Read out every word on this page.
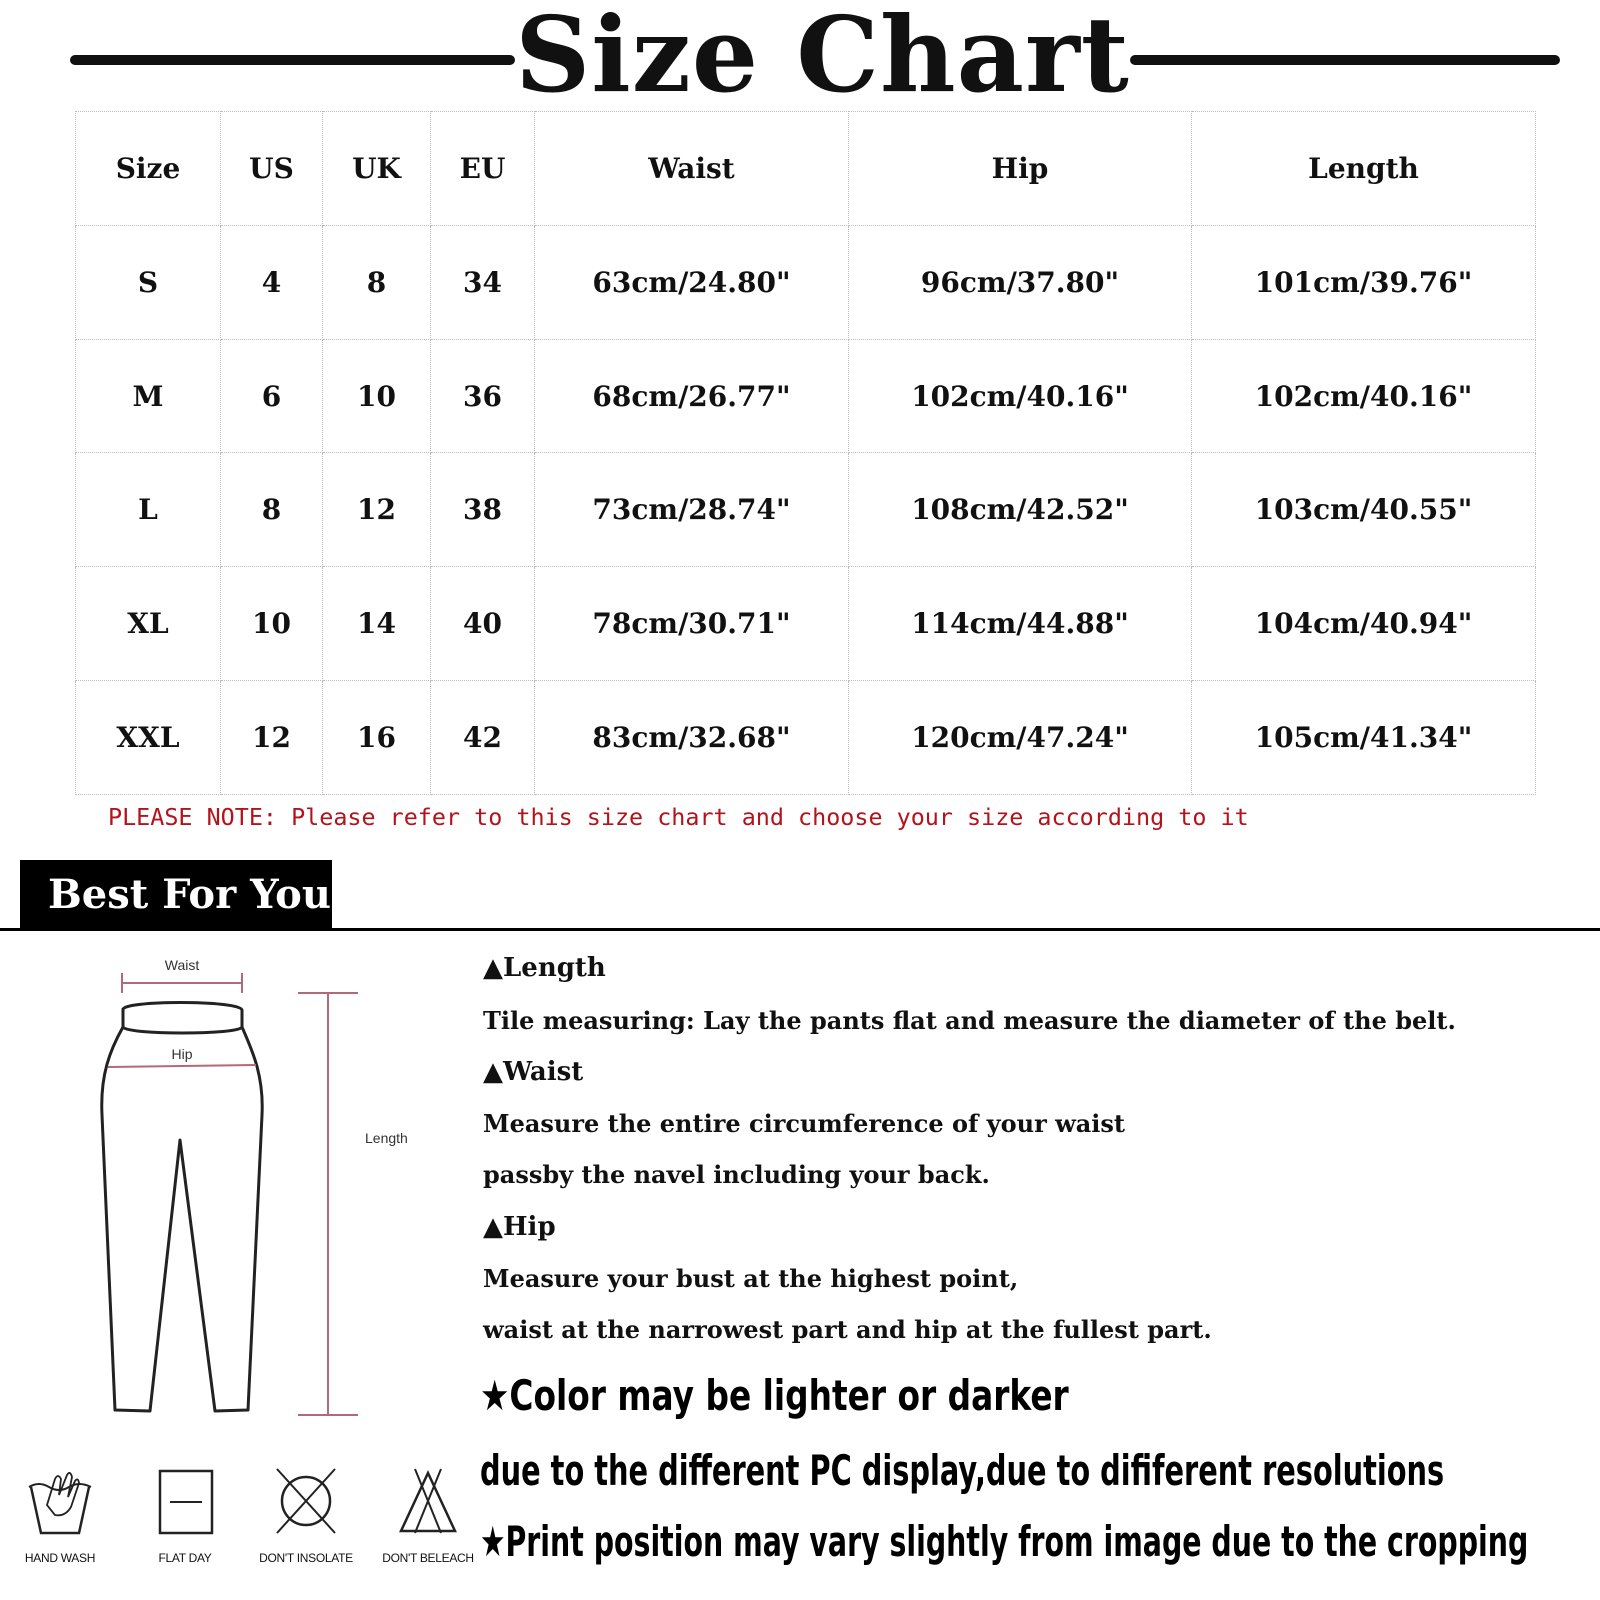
Size Chart
Size	US	UK	EU	Waist	Hip	Length
S	4	8	34	63cm/24.80"	96cm/37.80"	101cm/39.76"
M	6	10	36	68cm/26.77"	102cm/40.16"	102cm/40.16"
L	8	12	38	73cm/28.74"	108cm/42.52"	103cm/40.55"
XL	10	14	40	78cm/30.71"	114cm/44.88"	104cm/40.94"
XXL	12	16	42	83cm/32.68"	120cm/47.24"	105cm/41.34"
PLEASE NOTE: Please refer to this size chart and choose your size according to it
Best For You
Waist
Hip
Length
▲Length
Tile measuring: Lay the pants flat and measure the diameter of the belt.
▲Waist
Measure the entire circumference of your waist
passby the navel including your back.
▲Hip
Measure your bust at the highest point,
waist at the narrowest part and hip at the fullest part.
★Color may be lighter or darker
due to the different PC display,due to dififerent resolutions
★Print position may vary slightly from image due to the cropping
HAND WASH	FLAT DAY	DON'T INSOLATE	DON'T BELEACH
